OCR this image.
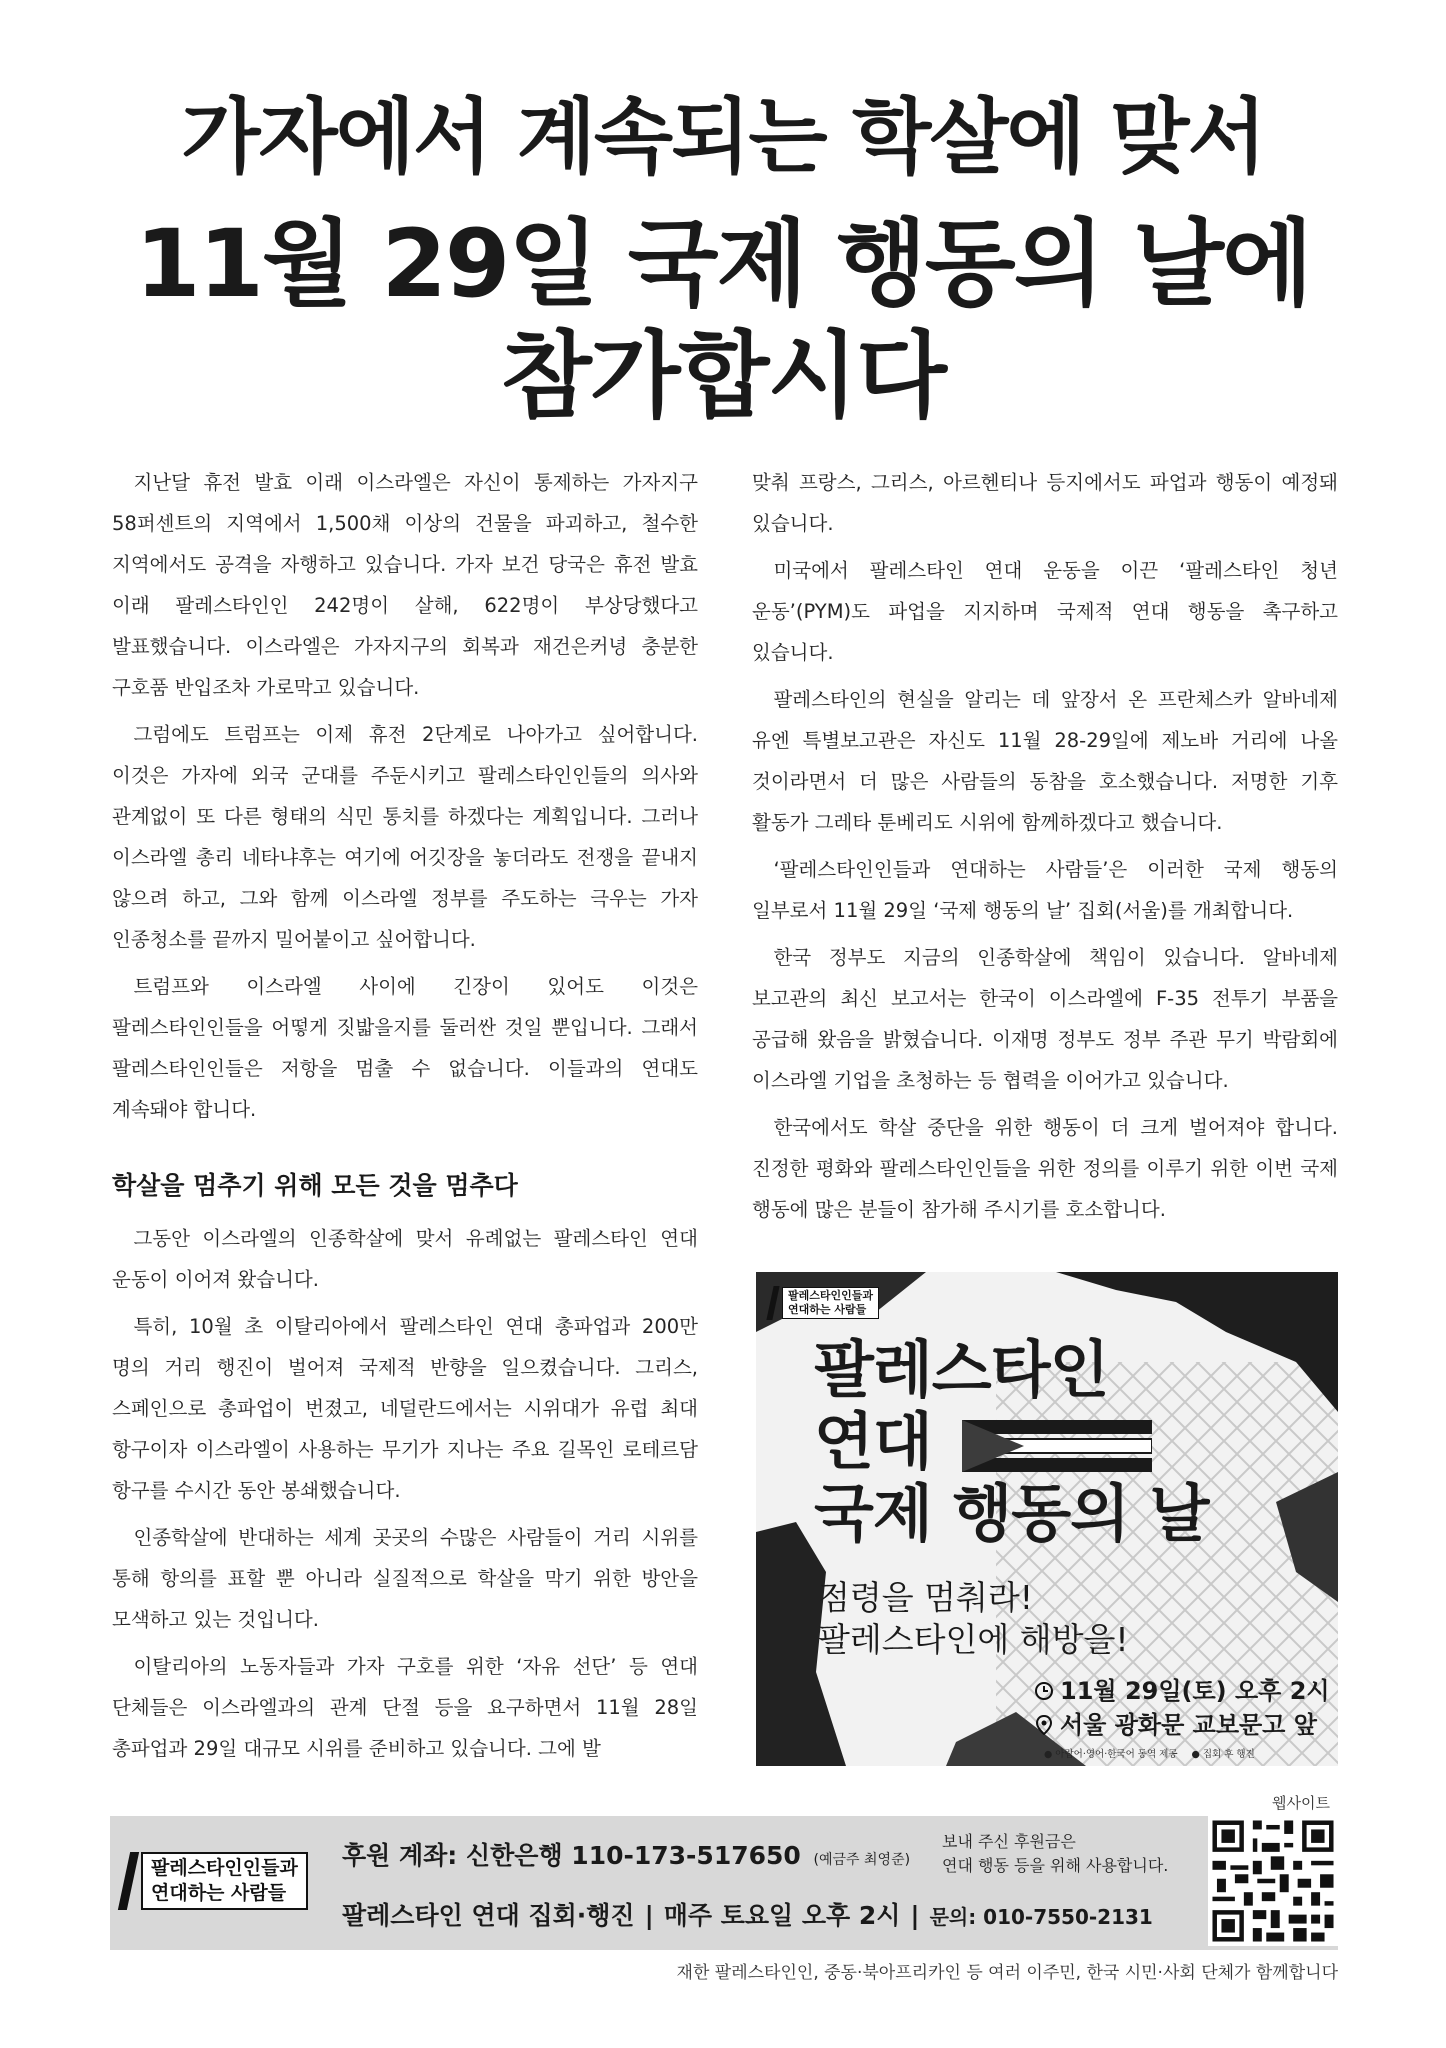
가자에서 계속되는 학살에 맞서
11월 29일 국제 행동의 날에
참가합시다

지난달 휴전 발효 이래 이스라엘은 자신이 통제하는 가자지구 58퍼센트의 지역에서 1,500채 이상의 건물을 파괴하고, 철수한 지역에서도 공격을 자행하고 있습니다. 가자 보건 당국은 휴전 발효 이래 팔레스타인인 242명이 살해, 622명이 부상당했다고 발표했습니다. 이스라엘은 가자지구의 회복과 재건은커녕 충분한 구호품 반입조차 가로막고 있습니다.

그럼에도 트럼프는 이제 휴전 2단계로 나아가고 싶어합니다. 이것은 가자에 외국 군대를 주둔시키고 팔레스타인인들의 의사와 관계없이 또 다른 형태의 식민 통치를 하겠다는 계획입니다. 그러나 이스라엘 총리 네타냐후는 여기에 어깃장을 놓더라도 전쟁을 끝내지 않으려 하고, 그와 함께 이스라엘 정부를 주도하는 극우는 가자 인종청소를 끝까지 밀어붙이고 싶어합니다.

트럼프와 이스라엘 사이에 긴장이 있어도 이것은 팔레스타인인들을 어떻게 짓밟을지를 둘러싼 것일 뿐입니다. 그래서 팔레스타인인들은 저항을 멈출 수 없습니다. 이들과의 연대도 계속돼야 합니다.

학살을 멈추기 위해 모든 것을 멈추다

그동안 이스라엘의 인종학살에 맞서 유례없는 팔레스타인 연대 운동이 이어져 왔습니다.

특히, 10월 초 이탈리아에서 팔레스타인 연대 총파업과 200만 명의 거리 행진이 벌어져 국제적 반향을 일으켰습니다. 그리스, 스페인으로 총파업이 번졌고, 네덜란드에서는 시위대가 유럽 최대 항구이자 이스라엘이 사용하는 무기가 지나는 주요 길목인 로테르담 항구를 수시간 동안 봉쇄했습니다.

인종학살에 반대하는 세계 곳곳의 수많은 사람들이 거리 시위를 통해 항의를 표할 뿐 아니라 실질적으로 학살을 막기 위한 방안을 모색하고 있는 것입니다.

이탈리아의 노동자들과 가자 구호를 위한 ‘자유 선단’ 등 연대 단체들은 이스라엘과의 관계 단절 등을 요구하면서 11월 28일 총파업과 29일 대규모 시위를 준비하고 있습니다. 그에 발

맞춰 프랑스, 그리스, 아르헨티나 등지에서도 파업과 행동이 예정돼 있습니다.

미국에서 팔레스타인 연대 운동을 이끈 ‘팔레스타인 청년 운동’(PYM)도 파업을 지지하며 국제적 연대 행동을 촉구하고 있습니다.

팔레스타인의 현실을 알리는 데 앞장서 온 프란체스카 알바네제 유엔 특별보고관은 자신도 11월 28-29일에 제노바 거리에 나올 것이라면서 더 많은 사람들의 동참을 호소했습니다. 저명한 기후 활동가 그레타 툰베리도 시위에 함께하겠다고 했습니다.

‘팔레스타인인들과 연대하는 사람들’은 이러한 국제 행동의 일부로서 11월 29일 ‘국제 행동의 날’ 집회(서울)를 개최합니다.

한국 정부도 지금의 인종학살에 책임이 있습니다. 알바네제 보고관의 최신 보고서는 한국이 이스라엘에 F-35 전투기 부품을 공급해 왔음을 밝혔습니다. 이재명 정부도 정부 주관 무기 박람회에 이스라엘 기업을 초청하는 등 협력을 이어가고 있습니다.

한국에서도 학살 중단을 위한 행동이 더 크게 벌어져야 합니다. 진정한 평화와 팔레스타인인들을 위한 정의를 이루기 위한 이번 국제 행동에 많은 분들이 참가해 주시기를 호소합니다.

팔레스타인인들과
연대하는 사람들
팔레스타인
연대
국제 행동의 날
점령을 멈춰라!
팔레스타인에 해방을!
11월 29일(토) 오후 2시
서울 광화문 교보문고 앞
● 아랍어·영어·한국어 동역 제공 ● 집회 후 행진
웹사이트
팔레스타인인들과
연대하는 사람들
후원 계좌: 신한은행 110-173-517650 (예금주 최영준)
보내 주신 후원금은
연대 행동 등을 위해 사용합니다.
팔레스타인 연대 집회·행진 | 매주 토요일 오후 2시 | 문의: 010-7550-2131
재한 팔레스타인인, 중동·북아프리카인 등 여러 이주민, 한국 시민·사회 단체가 함께합니다
